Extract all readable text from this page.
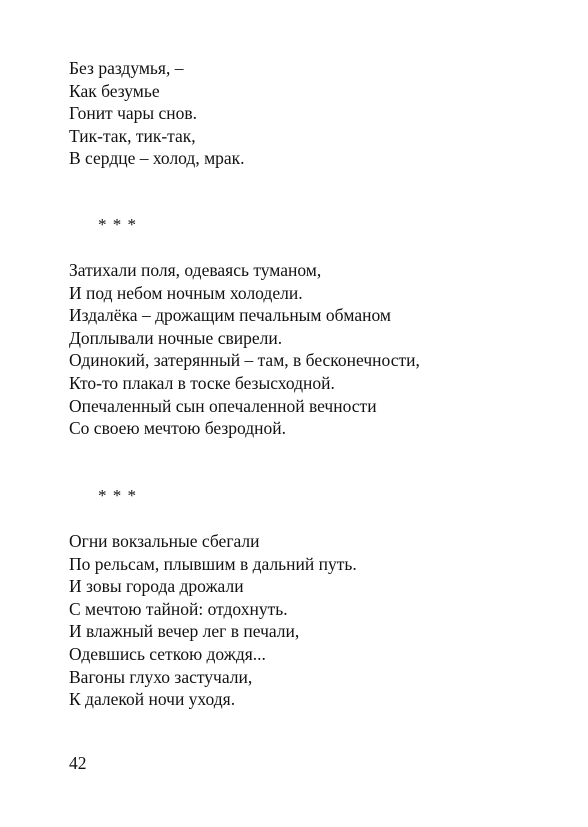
Без раздумья, –
Как безумье
Гонит чары снов.
Тик-так, тик-так,
В сердце – холод, мрак.
* * *
Затихали поля, одеваясь туманом,
И под небом ночным холодели.
Издалёка – дрожащим печальным обманом
Доплывали ночные свирели.
Одинокий, затерянный – там, в бесконечности,
Кто-то плакал в тоске безысходной.
Опечаленный сын опечаленной вечности
Со своею мечтою безродной.
* * *
Огни вокзальные сбегали
По рельсам, плывшим в дальний путь.
И зовы города дрожали
С мечтою тайной: отдохнуть.
И влажный вечер лег в печали,
Одевшись сеткою дождя...
Вагоны глухо застучали,
К далекой ночи уходя.
42
